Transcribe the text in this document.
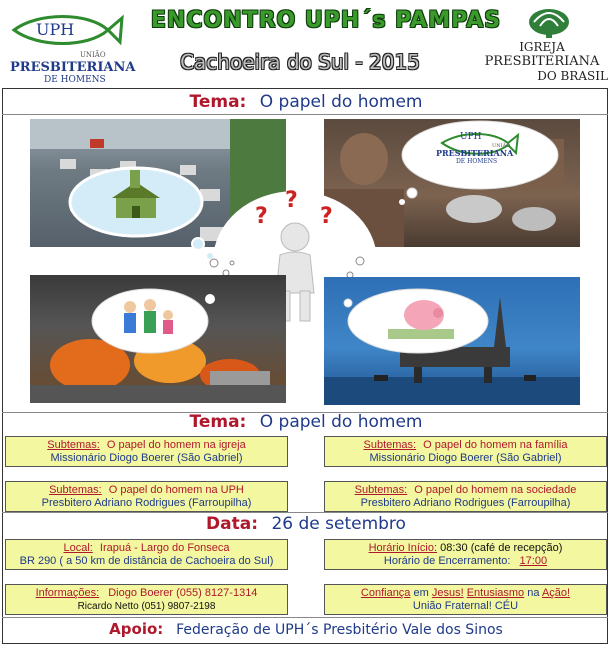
UPH
UNIÃO
PRESBITERIANA
DE HOMENS
ENCONTRO UPH´s PAMPAS
Cachoeira do Sul - 2015
IGREJA
PRESBITERIANA
DO BRASIL
Tema: O papel do homem
UPH
UNIÃO
PRESBITERIANA
DE HOMENS
?
?
?
Tema: O papel do homem
Subtemas: O papel do homem na igreja
Missionário Diogo Boerer (São Gabriel)
Subtemas: O papel do homem na família
Missionário Diogo Boerer (São Gabriel)
Subtemas: O papel do homem na UPH
Presbitero Adriano Rodrigues (Farroupilha)
Subtemas: O papel do homem na sociedade
Presbitero Adriano Rodrigues (Farroupilha)
Data: 26 de setembro
Local: Irapuá - Largo do Fonseca
BR 290 ( a 50 km de distância de Cachoeira do Sul)
Horário Início: 08:30 (café de recepção)
Horário de Encerramento: 17:00
Informações: Diogo Boerer (055) 8127-1314
Ricardo Netto (051) 9807-2198
Confiança em Jesus! Entusiasmo na Ação!
União Fraternal! CÉU
Apoio: Federação de UPH´s Presbitério Vale dos Sinos
